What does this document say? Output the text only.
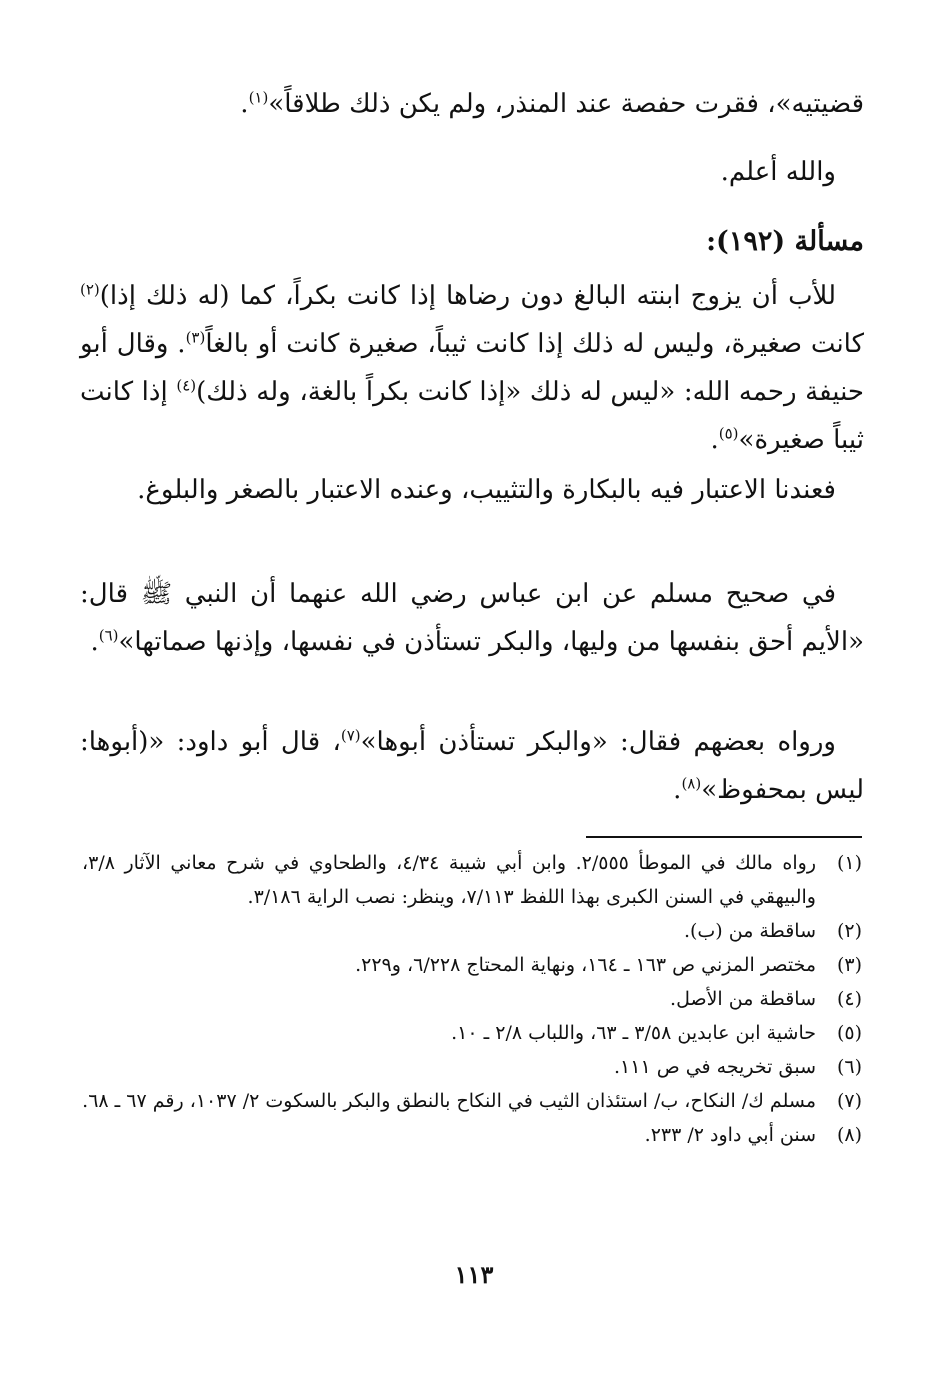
قضيتيه»، فقرت حفصة عند المنذر، ولم يكن ذلك طلاقاً»$^{(١)}$.

والله أعلم.

مسألة (١٩٢):

للأب أن يزوج ابنته البالغ دون رضاها إذا كانت بكراً، كما (له ذلك إذا)$^{(٢)}$ كانت صغيرة، وليس له ذلك إذا كانت ثيباً، صغيرة كانت أو بالغاً$^{(٣)}$. وقال أبو حنيفة رحمه الله: «ليس له ذلك «إذا كانت بكراً بالغة، وله ذلك)$^{(٤)}$ إذا كانت ثيباً صغيرة»$^{(٥)}$.

فعندنا الاعتبار فيه بالبكارة والتثييب، وعنده الاعتبار بالصغر والبلوغ.

في صحيح مسلم عن ابن عباس رضي الله عنهما أن النبي ﷺ قال: «الأيم أحق بنفسها من وليها، والبكر تستأذن في نفسها، وإذنها صماتها»$^{(٦)}$.

ورواه بعضهم فقال: «والبكر تستأذن أبوها»$^{(٧)}$، قال أبو داود: «(أبوها: ليس بمحفوظ»$^{(٨)}$.

(١)
رواه مالك في الموطأ ٢/٥٥٥. وابن أبي شيبة ٤/٣٤، والطحاوي في شرح معاني الآثار ٣/٨، والبيهقي في السنن الكبرى بهذا اللفظ ٧/١١٣، وينظر: نصب الراية ٣/١٨٦.
(٢)
ساقطة من (ب).
(٣)
مختصر المزني ص ١٦٣ ـ ١٦٤، ونهاية المحتاج ٦/٢٢٨، و٢٢٩.
(٤)
ساقطة من الأصل.
(٥)
حاشية ابن عابدين ٣/٥٨ ـ ٦٣، واللباب ٢/٨ ـ ١٠.
(٦)
سبق تخريجه في ص ١١١.
(٧)
مسلم ك/ النكاح، ب/ استئذان الثيب في النكاح بالنطق والبكر بالسكوت ٢/ ١٠٣٧، رقم ٦٧ ـ ٦٨.
(٨)
سنن أبي داود ٢/ ٢٣٣.
١١٣
